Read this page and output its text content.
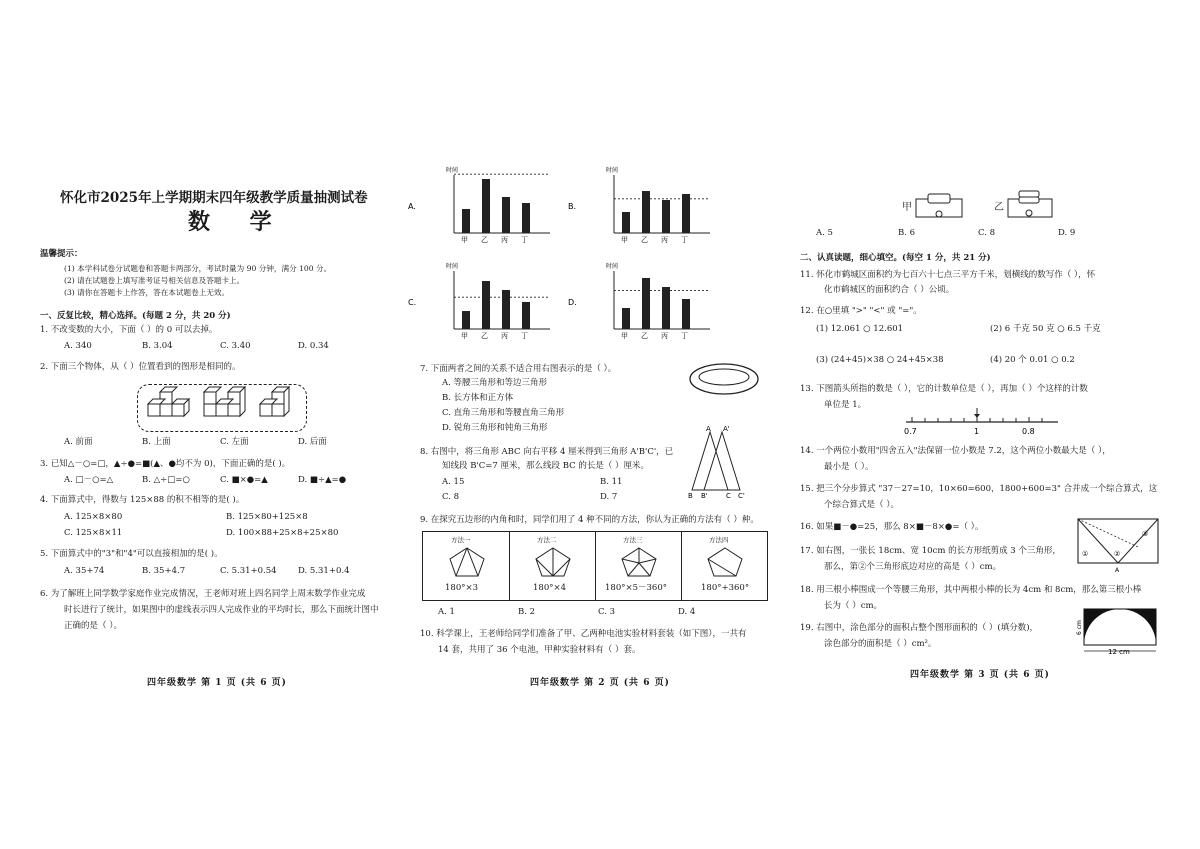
怀化市2025年上学期期末四年级教学质量抽测试卷
数 学
温馨提示：
(1) 本学科试卷分试题卷和答题卡两部分，考试时量为 90 分钟，满分 100 分。
(2) 请在试题卷上填写准考证号相关信息及答题卡上。
(3) 请你在答题卡上作答，答在本试题卷上无效。
一、反复比较，精心选择。(每题 2 分，共 20 分)
1. 不改变数的大小，下面（ ）的 0 可以去掉。
A. 340	B. 3.04	C. 3.40	D. 0.34
2. 下面三个物体，从（ ）位置看到的图形是相同的。
A. 前面	B. 上面	C. 左面	D. 后面
3. 已知△－○=□，▲÷●=■(▲、●均不为 0)，下面正确的是( )。
A. □－○=△	B. △÷□=○	C. ■×●=▲	D. ■÷▲=●
4. 下面算式中，得数与 125×88 的积不相等的是( )。
A. 125×8×80	B. 125×80+125×8
C. 125×8×11	D. 100×88+25×8+25×80
5. 下面算式中的"3"和"4"可以直接相加的是( )。
A. 35+74	B. 35+4.7	C. 5.31+0.54	D. 5.31+0.4
6. 为了解班上同学数学家庭作业完成情况，王老师对班上四名同学上周末数学作业完成
时长进行了统计，如果图中的虚线表示四人完成作业的平均时长，那么下面统计图中
正确的是（ ）。
四年级数学 第 1 页 (共 6 页)
A.
时间
甲 乙 丙 丁
B.
时间
甲 乙 丙 丁
C.
时间
甲 乙 丙 丁
D.
时间
甲 乙 丙 丁
7. 下面两者之间的关系不适合用右图表示的是（ ）。
A. 等腰三角形和等边三角形
B. 长方体和正方体
C. 直角三角形和等腰直角三角形
D. 锐角三角形和钝角三角形
8. 右图中，将三角形 ABC 向右平移 4 厘米得到三角形 A'B'C'，已
知线段 B'C=7 厘米，那么线段 BC 的长是（ ）厘米。
A. 15	B. 11
C. 8	D. 7
A A'
B B'	C C'
9. 在探究五边形的内角和时，同学们用了 4 种不同的方法，你认为正确的方法有（ ）种。
方法一
180°×3
方法二
180°×4
方法三
180°×5－360°
方法四
180°+360°
A. 1	B. 2	C. 3	D. 4
10. 科学课上，王老师给同学们准备了甲、乙两种电池实验材料套装（如下图），一共有
14 套，共用了 36 个电池，甲种实验材料有（ ）套。
四年级数学 第 2 页 (共 6 页)
甲	乙
A. 5	B. 6	C. 8	D. 9
二、认真读题，细心填空。(每空 1 分，共 21 分)
11. 怀化市鹤城区面积约为七百六十七点三平方千米，划横线的数写作（ ），怀
化市鹤城区的面积约合（ ）公顷。
12. 在○里填 ">" "<" 或 "="。
(1) 12.061 ○ 12.601	(2) 6 千克 50 克 ○ 6.5 千克
(3) (24+45)×38 ○ 24+45×38	(4) 20 个 0.01 ○ 0.2
13. 下图箭头所指的数是（ ），它的计数单位是（ ），再加（ ）个这样的计数
单位是 1。
0.7	1	0.8
14. 一个两位小数用"四舍五入"法保留一位小数是 7.2，这个两位小数最大是（ ），
最小是（ ）。
15. 把三个分步算式 "37－27=10，10×60=600，1800+600=3" 合并成一个综合算式，这
个综合算式是（ ）。
16. 如果■－●=25，那么 8×■－8×●=（ ）。
17. 如右图，一张长 18cm、宽 10cm 的长方形纸剪成 3 个三角形，
那么，第②个三角形底边对应的高是（ ）cm。
①	②
③
A
18. 用三根小棒围成一个等腰三角形，其中两根小棒的长为 4cm 和 8cm，那么第三根小棒
长为（ ）cm。
19. 右图中，涂色部分的面积占整个图形面积的（ ）(填分数)，
涂色部分的面积是（ ）cm²。
12 cm
6 cm
四年级数学 第 3 页 (共 6 页)
